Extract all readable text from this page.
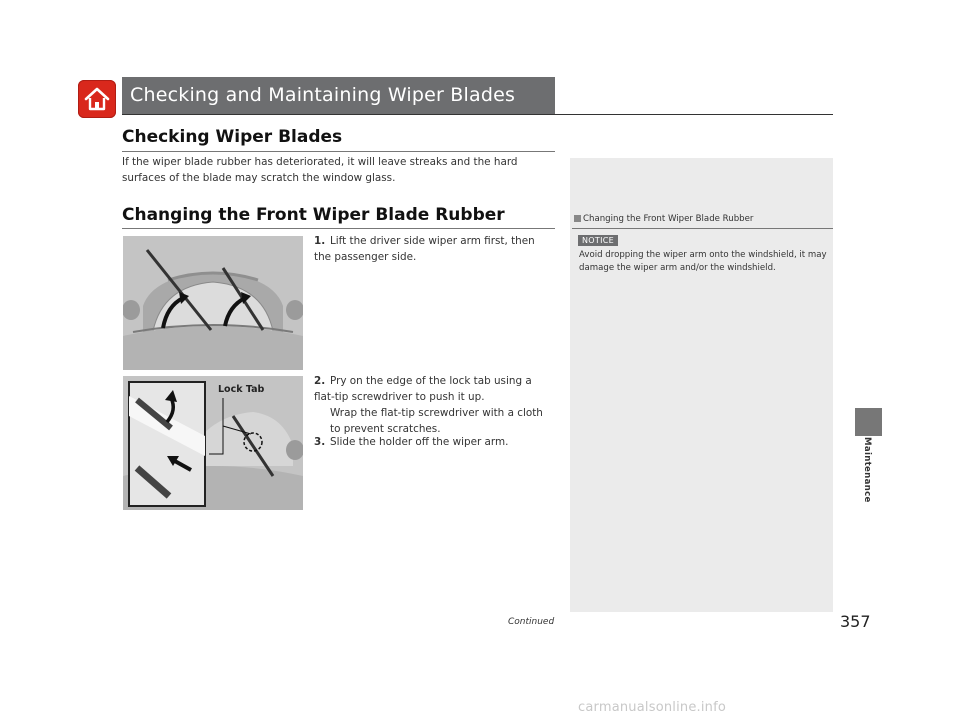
Checking and Maintaining Wiper Blades
Checking Wiper Blades
If the wiper blade rubber has deteriorated, it will leave streaks and the hard surfaces of the blade may scratch the window glass.
Changing the Front Wiper Blade Rubber
Lock Tab
1. Lift the driver side wiper arm first, then the passenger side.
2. Pry on the edge of the lock tab using a flat-tip screwdriver to push it up.
Wrap the flat-tip screwdriver with a cloth to prevent scratches.
3. Slide the holder off the wiper arm.
Changing the Front Wiper Blade Rubber
NOTICE
Avoid dropping the wiper arm onto the windshield, it may damage the wiper arm and/or the windshield.
Maintenance
Continued	357
carmanualsonline.info
